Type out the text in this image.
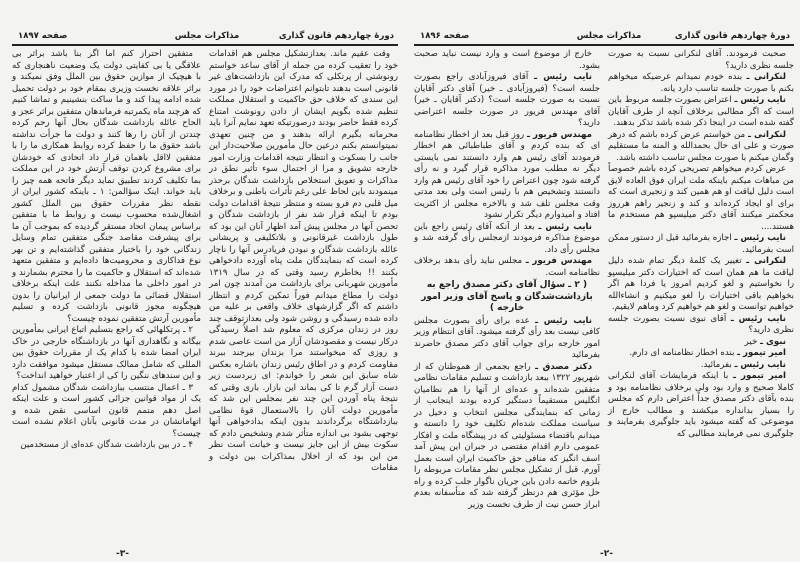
دورهٔ چهاردهم قانون گذاری
مذاکرات مجلس
صفحه ۱۸۹۷

وقت عقیم ماند. بعدازتشکیل مجلس هم اقدامات خود را تعقیب کرده من جمله از آقای ساعد خواستم رونوشتی از پرتکلی که مدرک این بازداشت‌های غیر قانونی است بدهند تابتوانم اعتراضات خود را در مورد این سندی که خلاف حق حاکمیت و استقلال مملکت تنظیم شده بگویم ایشان از دادن رونوشت امتناع کرده فقط حاضر بودند درصورتیکه تعهد نمایم آنرا باید محرمانه بگیرم ارائه بدهند و من چنین تعهدی نمیتوانستم بکنم درعین حال مأمورین صلاحیت‌دار این جانب را بسکوت و انتظار نتیجه اقدامات وزارت امور خارجه تشویق و مرا از احتمال سوء تأثیر نطق در مذاکرات و تعویق استخلاص بازداشت شدگان برحذر مینمودند باین لحاظ علی رغم تأثرات باطنی و برخلاف میل قلبی دم فرو بسته و منتظر نتیجهٔ اقدامات دولت بودم تا اینکه قرار شد نفر از بازداشت شدگان و تحصن آنها در مجلس پیش آمد اظهار آنان این بود که طول بازداشت غیرقانونی و بلاتکلیفی و پریشانی عائله بازداشت شدگان و نبودن فریادرس آنها را ناچار کرده است که بنمایندگان ملت پناه آورده دادخواهی بکنند !! بخاطرم رسید وقتی که در سال ۱۳۱۹ مأمورین شهربانی برای بازداشت من آمدند چون امر دولت را مطاع میدانم فوراً تمکین کردم و انتظار داشتم که اگر گزارشهای خلاف واقعی بر علیه من داده شده رسیدگی و روشن شود ولی بعدازتوقف چند روز در زندان مرکزی که معلوم شد اصلاً رسیدگی درکار نیست و مقصودشان آزار من است عاصی شدم و روزی که میخواستند مرا بزندان بیرجند ببرند مقاومت کردم و در اطاق رئیس زندان باشاره بعکس شاه سابق این شعر را خواندم: ای زبردست زیر دست آزار گرم تا کی بماند این بازار. باری وقتی که نتیجهٔ پناه آوردن این چند نفر بمجلس این شد که مأمورین دولت آنان را بالاستعمال قوهٔ نظامی ببازداشتگاه برگرداندند بدون اینکه بدادخواهی آنها توجهی بشود بی اندازه متأثر شدم وتشخیص دادم که سکوت بیش از این جایز نیست و خیانت است نظر من این بود که از اخلال بمذاکرات بین دولت و مقامات

متفقین احتراز کنم اما اگر بنا باشد براثر بی علاقگی یا بی کفایتی دولت یک وضعیت ناهنجاری که با هیچیک از موازین حقوق بین الملل وفق نمیکند و براثر علاقه نخست وزیری بمقام خود بر دولت تحمیل شده ادامه پیدا کند و ما ساکت بنشینیم و تماشا کنیم که هرچند ماه یکمرتبه فرماندهان متفقین براثر عجز و الحاح عائله بازداشت شدگان بحال آنها رحم کرده چندتن از آنان را رها کنند و دولت ما جرأت نداشته باشد حقوق ما را حفظ کرده روابط همکاری ما را با متفقین لااقل باهمان قرار داد اتحادی که خودشان برای مشروع کردن توقف آرتش خود در این مملکت بما تکلیف کردند تطبیق نماید دیگر فاتحه همه چیز را باید خواند. اینک سؤالمن: ۱ ـ باینکه کشور ایران از نقطه نظر مقررات حقوق بین الملل کشور اشغال‌شده محسوب نیست و روابط ما با متفقین براساس پیمان اتحاد مستقر گردیده که بموجب آن ما برای پیشرفت مقاصد جنگی متفقین تمام وسایل زندگانی خود را باختیار متفقین گذاشته‌ایم و تن بهر نوع فداکاری و محرومیت‌ها داده‌ایم و متفقین متعهد شده‌اند که استقلال و حاکمیت ما را محترم بشمارند و در امور داخلی ما مداخله نکنند علت اینکه برخلاف استقلال قضائی ما دولت جمعی از ایرانیان را بدون هیچگونه مجوز قانونی بازداشت کرده و تسلیم مأمورین آرتش متفقین نموده چیست؟

۲ ـ پرتکلهائی که راجع بتسلیم اتباع ایرانی بمأمورین بیگانه و نگاهداری آنها در بازداشتگاه خارجی در خاک ایران امضا شده با کدام یک از مقررات حقوق بین المللی که شامل ممالک مستقل میشود موافقت دارد و این سندهای ننگین را کی از اعتبار خواهید انداخت؟

۳ ـ اعمال منتسب ببازداشت شدگان مشمول کدام یک از مواد قوانین جزائی کشور است و علت اینکه اصل دهم متمم قانون اساسی نقض شده و اتهاماتشان در مدت قانونی بآنان اعلام نشده است چیست؟

۴ ـ در بین بازداشت شدگان عده‌ای از مستخدمین

-۳-
دورهٔ چهاردهم قانون گذاری
مذاکرات مجلس
صفحه ۱۸۹۶

صحبت فرمودند. آقای لنکرانی نسبت به صورت جلسه نظری دارید؟

لنکرانی ـ بنده خودم نمیدانم عرضیکه میخواهم بکنم با صورت جلسه تناسب دارد یانه.

نایب رئیس ـ اعتراض بصورت جلسه مربوط باین است که اگر مطالبی برخلاف آنچه از طرف آقایان گفته شده است در اینجا ذکر شده باشد تذکر بدهند.

لنکرانی ـ من خواستم عرض کرده باشم که درهر صورت و علی ای حال بحمدالله و المنه ما مستقلیم وگمان میکنم با صورت مجلس تناسب داشته باشد.

عرض کردم میخواهم تصریحی کرده باشم خصوصاً من مباهات میکنم باینکه ملت ایران فوق العاده لایق است دلیل لیاقت او هم همین کند و زنجیری است که برای او ایجاد کرده‌اند و کند و زنجیر راهم هرروز محکمتر میکنند آقای دکتر میلیسپو هم مستخدم ما هستند....

نایب رئیس ـ اجازه بفرمائید قبل از دستور ممکن است بفرمائید.

لنکرانی ـ تغییر یک کلمهٔ دیگر تمام شده دلیل لیاقت ما هم همان است که اختیارات دکتر میلیسپو را نخواستیم و لغو کردیم امروز یا فردا هم اگر بخواهیم باقی اختیارات را لغو میکنیم و انشاءالله خواهیم توانست و لغو هم خواهیم کرد وماهم لایقیم.

نایب رئیس ـ آقای نبوی نسبت بصورت جلسه نظری دارید؟

نبوی ـ خیر

امیر تیمور ـ بنده اخطار نظامنامه ای دارم.

نایب رئیس ـ بفرمائید.

امیر تیمور ـ با اینکه فرمایشات آقای لنکرانی کاملا صحیح و وارد بود ولی برخلاف نظامنامه بود و بنده بآقای دکتر مصدق جداً اعتراض دارم که مجلس را بسیار بدانداره میکشند و مطالب خارج از موضوعی که گفته میشود باید جلوگیری بفرمایند و جلوگیری نمی فرمایند مطالبی که

خارج از موضوع است و وارد نیست نباید صحبت بشود.

نایب رئیس ـ آقای فیروزآبادی راجع بصورت جلسه است؟ (فیروزآبادی ـ خیر) آقای دکتر آقایان نسبت به صورت جلسه است؟ (دکتر آقایان ـ خیر) آقای مهندس فریور در صورت جلسه اعتراضی دارید؟

مهندس فریور ـ روز قبل بعد از اخطار نظامنامه ای که بنده کردم و آقای طباطبائی هم اخطار فرمودند آقای رئیس هم وارد دانستند نمی بایستی دیگر نه مطلب مورد مذاکره قرار گیرد و نه رأی گرفته شود چون اعتراض را خود آقای رئیس هم وارد دانستند وتشخیص هم با رئیس است ولی بعد مدتی وقت مجلس تلف شد و بالاخره مجلس از اکثریت افتاد و امیدوارم دیگر تکرار نشود

نایب رئیس ـ بعد از آنکه آقای رئیس راجع باین موضوع مذاکره فرمودند ازمجلس رأی گرفته شد و مجلس رأی داد.

مهندس فریور ـ مجلس نباید رأی بدهد برخلاف نظامنامه است.

( ۲ ـ سؤال آقای دکتر مصدق راجع به بازداشت‌شدگان و پاسخ آقای وزیر امور خارجه )

نایب رئیس ـ عده برای رأی بصورت مجلس کافی نیست بعد رأی گرفته میشود. آقای انتظام وزیر امور خارجه برای جواب آقای دکتر مصدق حاضرند بفرمائید

دکتر مصدق ـ راجع بجمعی از هموطنان که از شهریور ۱۳۲۲ ببعد بازداشت و تسلیم مقامات نظامی متفقین شده‌اند و عده‌ای از آنها را هم نظامیان انگلیس مستقیماً دستگیر کرده بودند اینجانب از زمانی که بنمایندگی مجلس انتخاب و دخیل در سیاست مملکت شده‌ام تکلیف خود را دانسته و میدانم باقتضاء مسئولیتی که در پیشگاه ملت و افکار عمومی دارم اقدام مقتضی در جبران این پیش آمد اسف انگیز که منافی حق حاکمیت ایران است بعمل آورم. قبل از تشکیل مجلس نظر مقامات مربوطه را بلزوم خاتمه دادن باین جریان ناگوار جلب کرده و راه حل مؤثری هم درنظر گرفته شد که متأسفانه بعدم ابراز حسن نیت از طرف نخست وزیر

-۲-
